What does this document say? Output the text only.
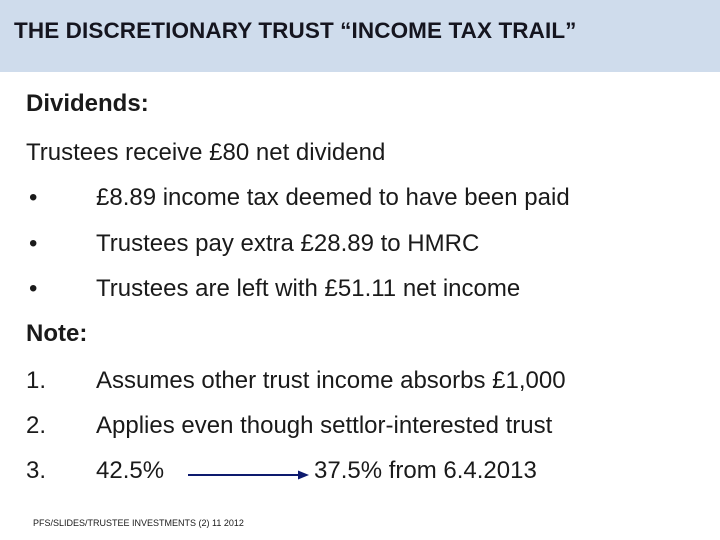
THE DISCRETIONARY TRUST “INCOME TAX TRAIL”
Dividends:
Trustees receive £80 net dividend
• £8.89 income tax deemed to have been paid
• Trustees pay extra £28.89 to HMRC
• Trustees are left with £51.11 net income
Note:
1. Assumes other trust income absorbs £1,000
2. Applies even though settlor-interested trust
3. 42.5%	37.5% from 6.4.2013
PFS/SLIDES/TRUSTEE INVESTMENTS (2) 11 2012
